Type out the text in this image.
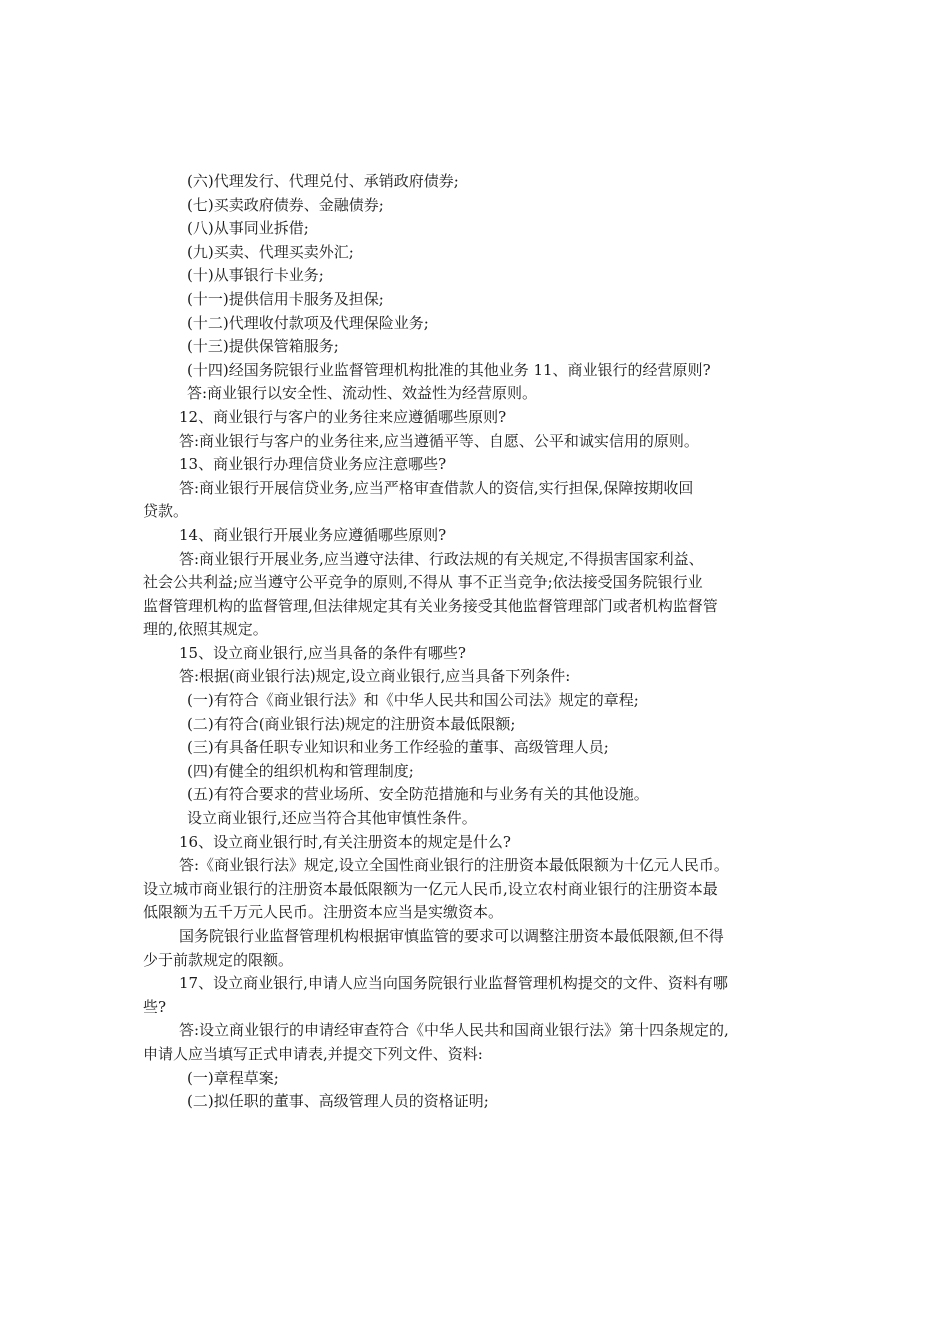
(六)代理发行、代理兑付、承销政府债券;
(七)买卖政府债券、金融债券;
(八)从事同业拆借;
(九)买卖、代理买卖外汇;
(十)从事银行卡业务;
(十一)提供信用卡服务及担保;
(十二)代理收付款项及代理保险业务;
(十三)提供保管箱服务;
(十四)经国务院银行业监督管理机构批准的其他业务 11、商业银行的经营原则?
答:商业银行以安全性、流动性、效益性为经营原则。
12、商业银行与客户的业务往来应遵循哪些原则?
答:商业银行与客户的业务往来,应当遵循平等、自愿、公平和诚实信用的原则。
13、商业银行办理信贷业务应注意哪些?
答:商业银行开展信贷业务,应当严格审查借款人的资信,实行担保,保障按期收回
贷款。
14、商业银行开展业务应遵循哪些原则?
答:商业银行开展业务,应当遵守法律、行政法规的有关规定,不得损害国家利益、
社会公共利益;应当遵守公平竞争的原则,不得从 事不正当竞争;依法接受国务院银行业
监督管理机构的监督管理,但法律规定其有关业务接受其他监督管理部门或者机构监督管
理的,依照其规定。
15、设立商业银行,应当具备的条件有哪些?
答:根据(商业银行法)规定,设立商业银行,应当具备下列条件:
(一)有符合《商业银行法》和《中华人民共和国公司法》规定的章程;
(二)有符合(商业银行法)规定的注册资本最低限额;
(三)有具备任职专业知识和业务工作经验的董事、高级管理人员;
(四)有健全的组织机构和管理制度;
(五)有符合要求的营业场所、安全防范措施和与业务有关的其他设施。
设立商业银行,还应当符合其他审慎性条件。
16、设立商业银行时,有关注册资本的规定是什么?
答:《商业银行法》规定,设立全国性商业银行的注册资本最低限额为十亿元人民币。
设立城市商业银行的注册资本最低限额为一亿元人民币,设立农村商业银行的注册资本最
低限额为五千万元人民币。注册资本应当是实缴资本。
国务院银行业监督管理机构根据审慎监管的要求可以调整注册资本最低限额,但不得
少于前款规定的限额。
17、设立商业银行,申请人应当向国务院银行业监督管理机构提交的文件、资料有哪
些?
答:设立商业银行的申请经审查符合《中华人民共和国商业银行法》第十四条规定的,
申请人应当填写正式申请表,并提交下列文件、资料:
(一)章程草案;
(二)拟任职的董事、高级管理人员的资格证明;
